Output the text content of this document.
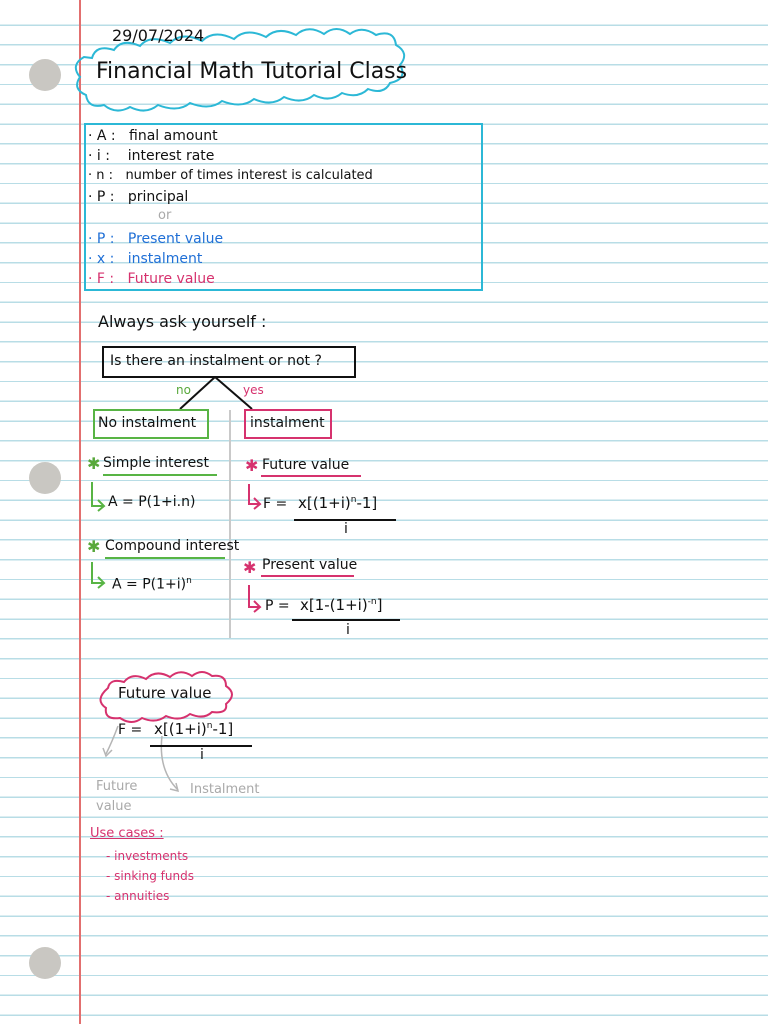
29/07/2024
Financial Math Tutorial Class
· A : final amount
· i : interest rate
· n : number of times interest is calculated
· P : principal
or
· P : Present value
· x : instalment
· F : Future value
Always ask yourself :
Is there an instalment or not ?
no	yes
No instalment	instalment
✱ Simple interest
A = P(1+i.n)
✱ Compound interest
$A = P(1+i)^n$
✱ Future value
$F = x[(1+i)^n-1]$
i
✱ Present value
$P = x[1-(1+i)^{-n}]$
i
Future value
$F = x[(1+i)^n-1]$
i
Future
value
Instalment
Use cases :
- investments
- sinking funds
- annuities
